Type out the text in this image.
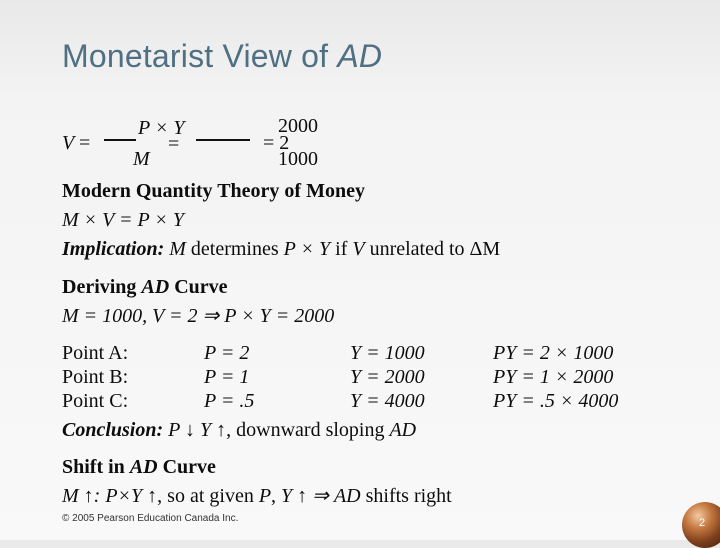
Monetarist View of AD
V =
P × Y
=
M
2000
= 2
1000
Modern Quantity Theory of Money
M × V = P × Y
Implication: M determines P × Y if V unrelated to ΔM
Deriving AD Curve
M = 1000, V = 2 ⇒ P × Y = 2000
Point A:	P = 2	Y = 1000	PY = 2 × 1000
Point B:	P = 1	Y = 2000	PY = 1 × 2000
Point C:	P = .5	Y = 4000	PY = .5 × 4000
Conclusion: P ↓ Y ↑, downward sloping AD
Shift in AD Curve
M ↑: P×Y ↑, so at given P, Y ↑ ⇒ AD shifts right
© 2005 Pearson Education Canada Inc.	2
